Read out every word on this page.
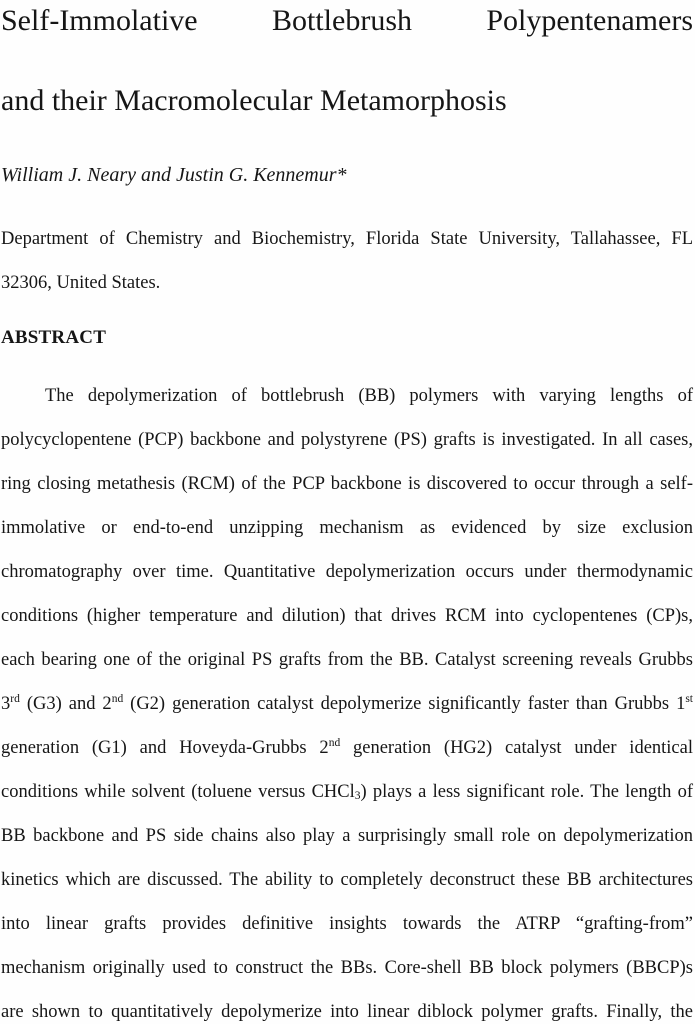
Self-Immolative Bottlebrush Polypentenamers
and their Macromolecular Metamorphosis
William J. Neary and Justin G. Kennemur*
Department of Chemistry and Biochemistry, Florida State University, Tallahassee, FL
32306, United States.
ABSTRACT
The depolymerization of bottlebrush (BB) polymers with varying lengths of
polycyclopentene (PCP) backbone and polystyrene (PS) grafts is investigated. In all cases,
ring closing metathesis (RCM) of the PCP backbone is discovered to occur through a self-
immolative or end-to-end unzipping mechanism as evidenced by size exclusion
chromatography over time. Quantitative depolymerization occurs under thermodynamic
conditions (higher temperature and dilution) that drives RCM into cyclopentenes (CP)s,
each bearing one of the original PS grafts from the BB. Catalyst screening reveals Grubbs
3rd (G3) and 2nd (G2) generation catalyst depolymerize significantly faster than Grubbs 1st
generation (G1) and Hoveyda-Grubbs 2nd generation (HG2) catalyst under identical
conditions while solvent (toluene versus CHCl$_3$) plays a less significant role. The length of
BB backbone and PS side chains also play a surprisingly small role on depolymerization
kinetics which are discussed. The ability to completely deconstruct these BB architectures
into linear grafts provides definitive insights towards the ATRP “grafting-from”
mechanism originally used to construct the BBs. Core-shell BB block polymers (BBCP)s
are shown to quantitatively depolymerize into linear diblock polymer grafts. Finally, the
